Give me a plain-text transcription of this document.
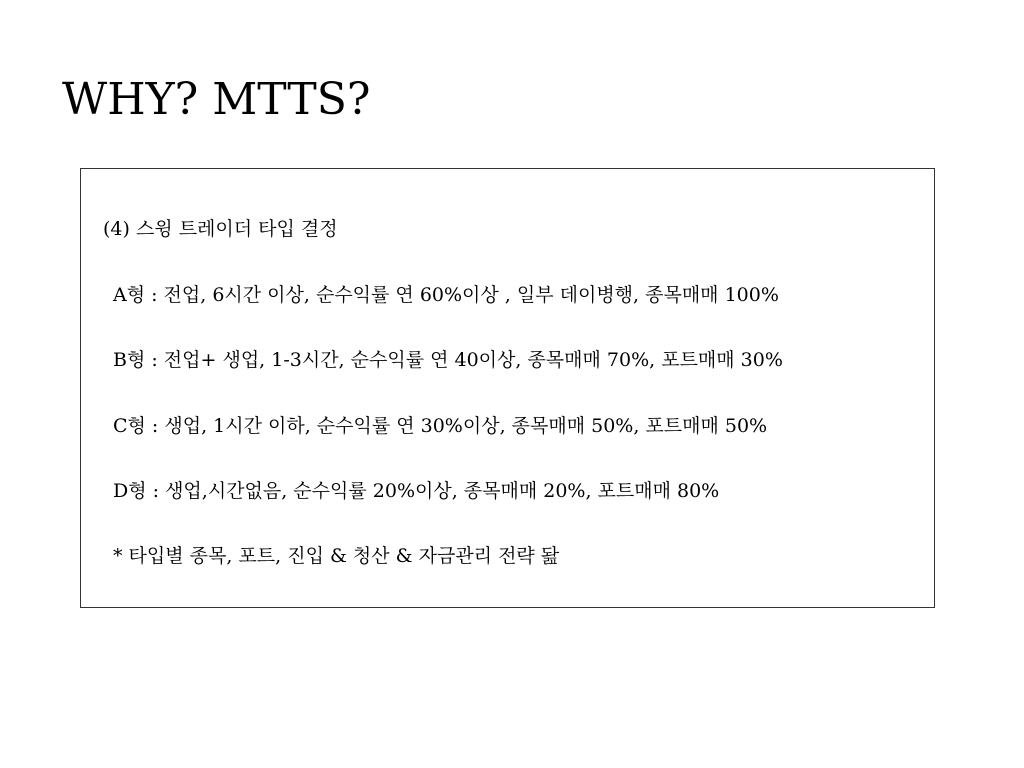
WHY? MTTS?
(4) 스윙 트레이더 타입 결정
A형 : 전업, 6시간 이상, 순수익률 연 60%이상 , 일부 데이병행, 종목매매 100%
B형 : 전업+ 생업, 1-3시간, 순수익률 연 40이상, 종목매매 70%, 포트매매 30%
C형 : 생업, 1시간 이하, 순수익률 연 30%이상, 종목매매 50%, 포트매매 50%
D형 : 생업,시간없음, 순수익률 20%이상, 종목매매 20%, 포트매매 80%
* 타입별 종목, 포트, 진입 & 청산 & 자금관리 전략 돮
